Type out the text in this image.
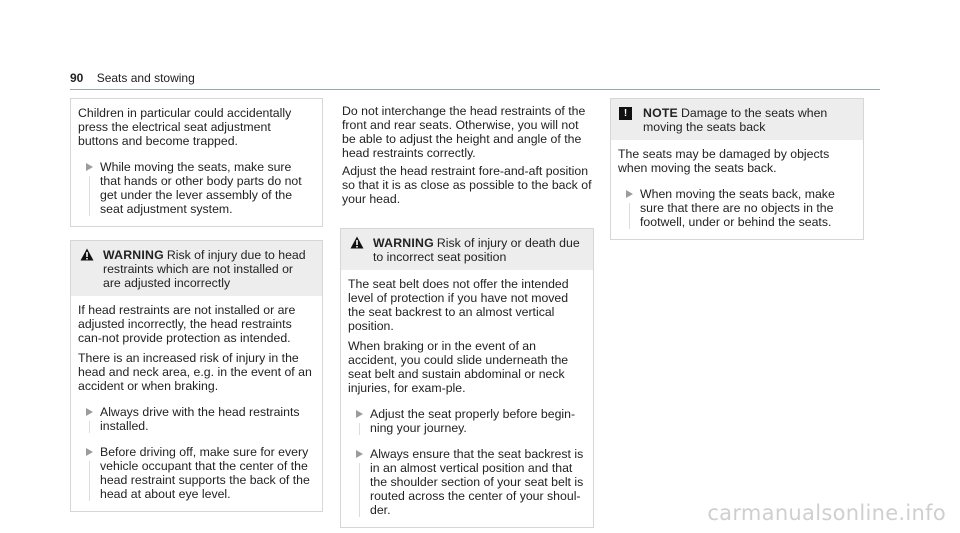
90 Seats and stowing

Children in particular could accidentally press the electrical seat adjustment buttons and become trapped.

While moving the seats, make sure that hands or other body parts do not get under the lever assembly of the seat adjustment system.
WARNING Risk of injury due to head restraints which are not installed or are adjusted incorrectly

If head restraints are not installed or are adjusted incorrectly, the head restraints can-not provide protection as intended.

There is an increased risk of injury in the head and neck area, e.g. in the event of an accident or when braking.

Always drive with the head restraints installed.
Before driving off, make sure for every vehicle occupant that the center of the head restraint supports the back of the head at about eye level.

Do not interchange the head restraints of the front and rear seats. Otherwise, you will not be able to adjust the height and angle of the head restraints correctly.

Adjust the head restraint fore-and-aft position so that it is as close as possible to the back of your head.

WARNING Risk of injury or death due to incorrect seat position

The seat belt does not offer the intended level of protection if you have not moved the seat backrest to an almost vertical position.

When braking or in the event of an accident, you could slide underneath the seat belt and sustain abdominal or neck injuries, for exam-ple.

Adjust the seat properly before begin-ning your journey.
Always ensure that the seat backrest is in an almost vertical position and that the shoulder section of your seat belt is routed across the center of your shoul-der.
!	NOTE Damage to the seats when moving the seats back

The seats may be damaged by objects when moving the seats back.

When moving the seats back, make sure that there are no objects in the footwell, under or behind the seats.
carmanualsonline.info
